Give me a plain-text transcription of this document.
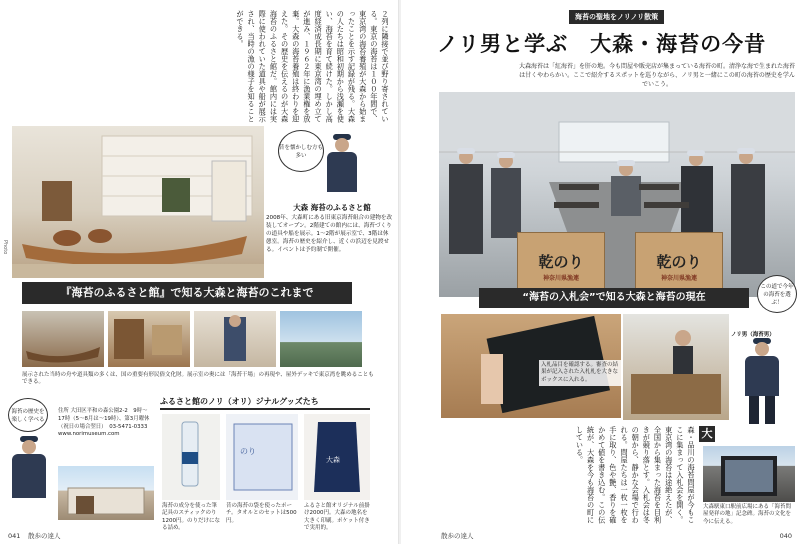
２列に隣接で並び野り寄されている。東京の海苔は１００年間で、東京湾の海苔養殖が大森から始まったことを示す記録が残る。大森の人たちは昭和初期から浅瀬を使い、海苔を育て続けた。しかし高度経済成長期に東京湾の埋め立てが進み、１９６２年に漁業権を放棄。大森の海苔養殖は終わりを迎えた。その歴史を伝えるのが大森海苔のふるさと館だ。館内には実際に使われていた道具や船が展示され、当時の漁の様子を知ることができる。
昔を懐かしむ方も多い
大森 海苔のふるさと館
2008年、大森町にある旧東京海苔組合の建物を改装してオープン。2階建ての館内には、海苔づくりの道具や船を展示。1～2階が展示室で、3階は休憩室。海苔の歴史を紹介し、近くの浜辺を見渡せる。イベントは予約制で開催。
『海苔のふるさと館』で知る大森と海苔のこれまで
展示された当時の舟や道具類の多くは、国の重要有形民俗文化財。展示室の奥には「海苔干場」の再現や、屋外デッキで東京湾を眺めることもできる。
Photo
ふるさと館のノリ（オリ）ジナルグッズたち
海苔の歴史を楽しく学べる
住所 大田区平和の森公園2-2　9時～17時（5～8月は～19時）、第3月曜休（祝日の場合翌日）　03-5471-0333　www.norimuseum.com
のり
大森
海苔の成分を使った筆記具のスティックのり1200円。のりだけになる詰め。
昔の海苔の袋を使ったポーチ。タオルとのセットは500円。
ふるさと館オリジナル前掛け2000円。大森の地名を大きく印刷。ポケット付きで実用的。
041 散歩の達人
海苔の聖地をノリノリ散策
ノリ男と学ぶ　大森・海苔の今昔
大森海苔は「紅海苔」を肝の地。今も問屋や販売店が集まっている海苔の町。清浄な海で生まれた海苔は甘くやわらかい。ここで紹介するスポットを巡りながら、ノリ男と一緒にこの町の海苔の歴史を学んでいこう。
乾のり
神奈川県漁連
乾のり
神奈川県漁連
“海苔の入札会”で知る大森と海苔の現在
この道で今年の海苔を選ぶ！
入札品目を確認する。審査の結果が記入された入札札を大きなボックスに入れる。
ノリ男（海苔男）
大
森・品川の海苔問屋が今もここに集まって入札会を開く。東京湾の海苔は途絶えたが、全国から集まった海苔を目利きが競り落とす。入札会は冬の朝から、静かな会場で行われる。問屋たちは一枚一枚を手に取り、色や艶、香りを確かめて値を書き込む。この伝統が、大森を今も海苔の町にしている。
大森駅東口駅前広場にある「海苔問屋発祥の地」記念碑。海苔の文化を今に伝える。
散歩の達人	040
